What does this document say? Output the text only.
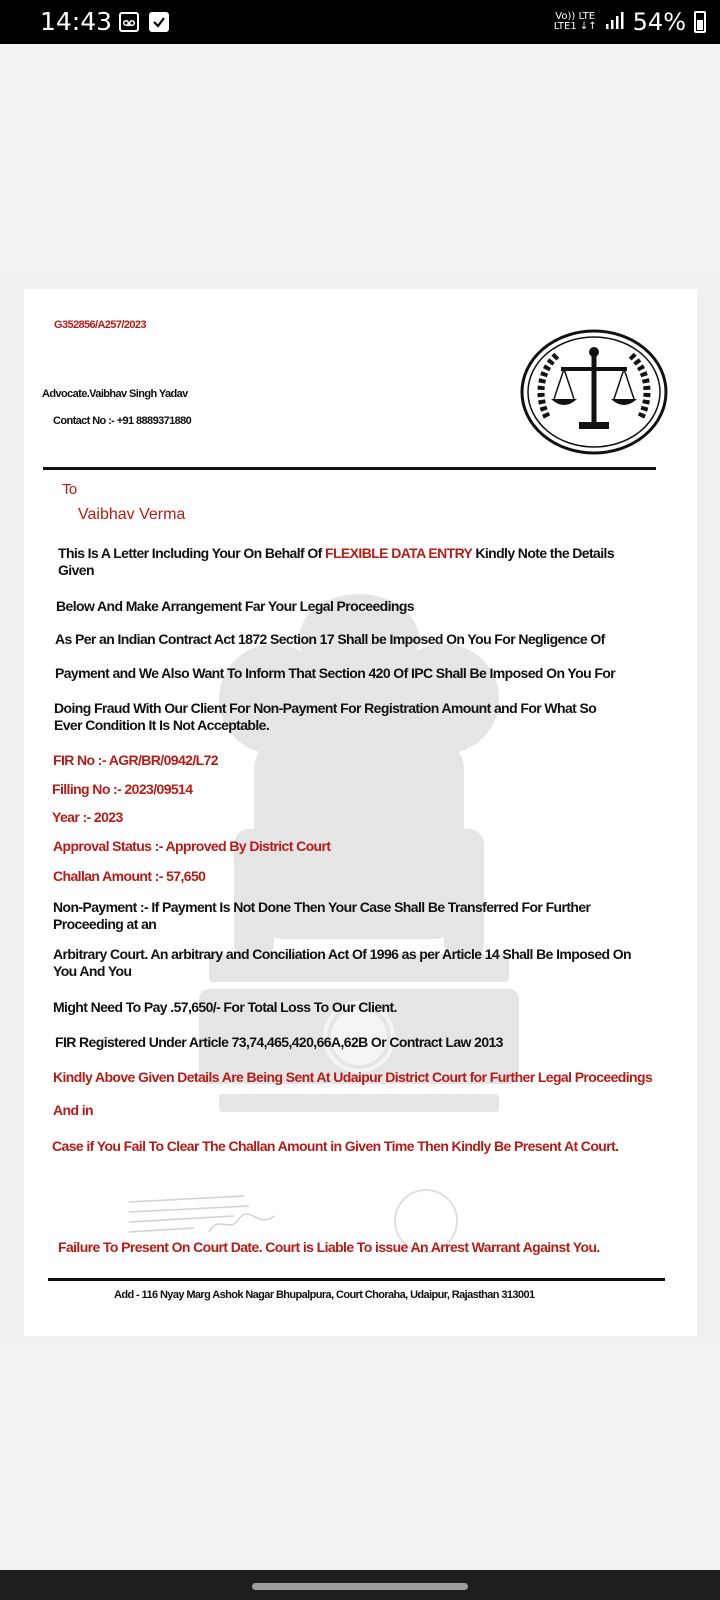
14:43	Vo)) LTE
LTE1 ↓↑ 54%
G352856/A257/2023
Advocate.Vaibhav Singh Yadav
Contact No :- +91 8889371880
To
Vaibhav Verma
This Is A Letter Including Your On Behalf Of FLEXIBLE DATA ENTRY Kindly Note the Details Given
Below And Make Arrangement Far Your Legal Proceedings
As Per an Indian Contract Act 1872 Section 17 Shall be Imposed On You For Negligence Of
Payment and We Also Want To Inform That Section 420 Of IPC Shall Be Imposed On You For
Doing Fraud With Our Client For Non-Payment For Registration Amount and For What So Ever Condition It Is Not Acceptable.
FIR No :- AGR/BR/0942/L72
Filling No :- 2023/09514
Year :- 2023
Approval Status :- Approved By District Court
Challan Amount :- 57,650
Non-Payment :- If Payment Is Not Done Then Your Case Shall Be Transferred For Further Proceeding at an
Arbitrary Court. An arbitrary and Conciliation Act Of 1996 as per Article 14 Shall Be Imposed On You And You
Might Need To Pay .57,650/- For Total Loss To Our Client.
FIR Registered Under Article 73,74,465,420,66A,62B Or Contract Law 2013
Kindly Above Given Details Are Being Sent At Udaipur District Court for Further Legal Proceedings
And in
Case if You Fail To Clear The Challan Amount in Given Time Then Kindly Be Present At Court.
Failure To Present On Court Date. Court is Liable To issue An Arrest Warrant Against You.
Add - 116 Nyay Marg Ashok Nagar Bhupalpura, Court Choraha, Udaipur, Rajasthan 313001
